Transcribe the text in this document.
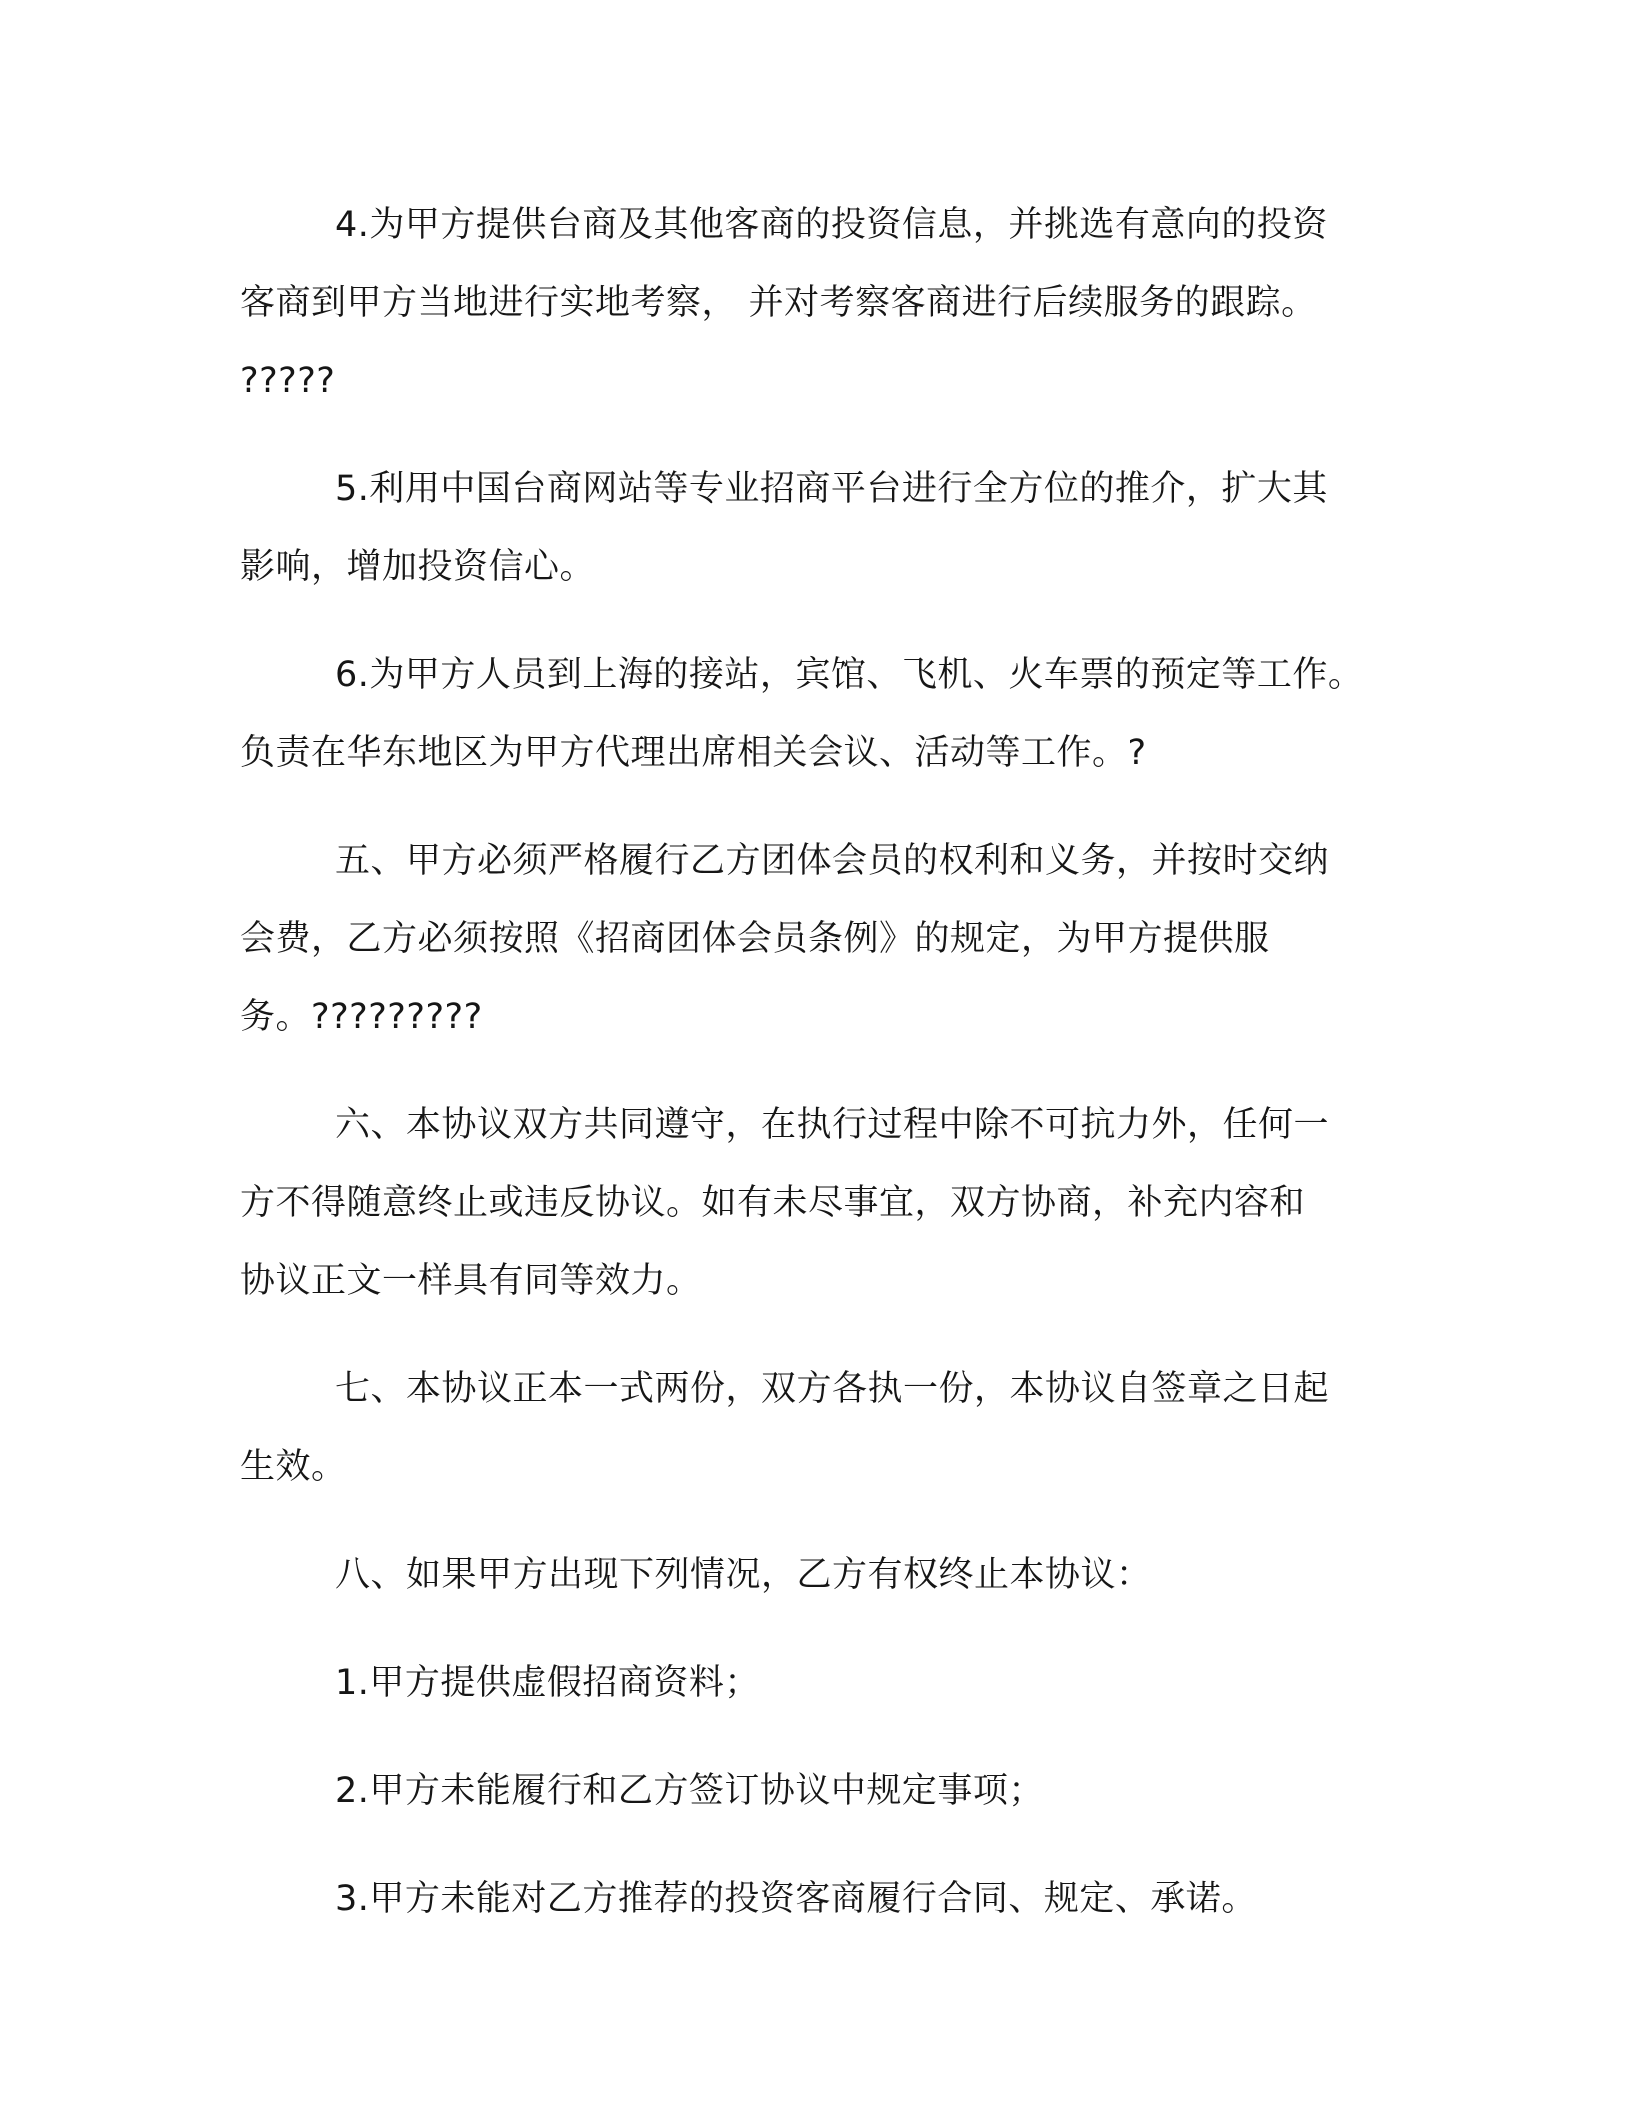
4.为甲方提供台商及其他客商的投资信息，并挑选有意向的投资
客商到甲方当地进行实地考察， 并对考察客商进行后续服务的跟踪。
?????
5.利用中国台商网站等专业招商平台进行全方位的推介，扩大其
影响，增加投资信心。
6.为甲方人员到上海的接站，宾馆、飞机、火车票的预定等工作。
负责在华东地区为甲方代理出席相关会议、活动等工作。?
五、甲方必须严格履行乙方团体会员的权利和义务，并按时交纳
会费，乙方必须按照《招商团体会员条例》的规定，为甲方提供服
务。?????????
六、本协议双方共同遵守，在执行过程中除不可抗力外，任何一
方不得随意终止或违反协议。如有未尽事宜，双方协商，补充内容和
协议正文一样具有同等效力。
七、本协议正本一式两份，双方各执一份，本协议自签章之日起
生效。
八、如果甲方出现下列情况，乙方有权终止本协议：
1.甲方提供虚假招商资料；
2.甲方未能履行和乙方签订协议中规定事项；
3.甲方未能对乙方推荐的投资客商履行合同、规定、承诺。
